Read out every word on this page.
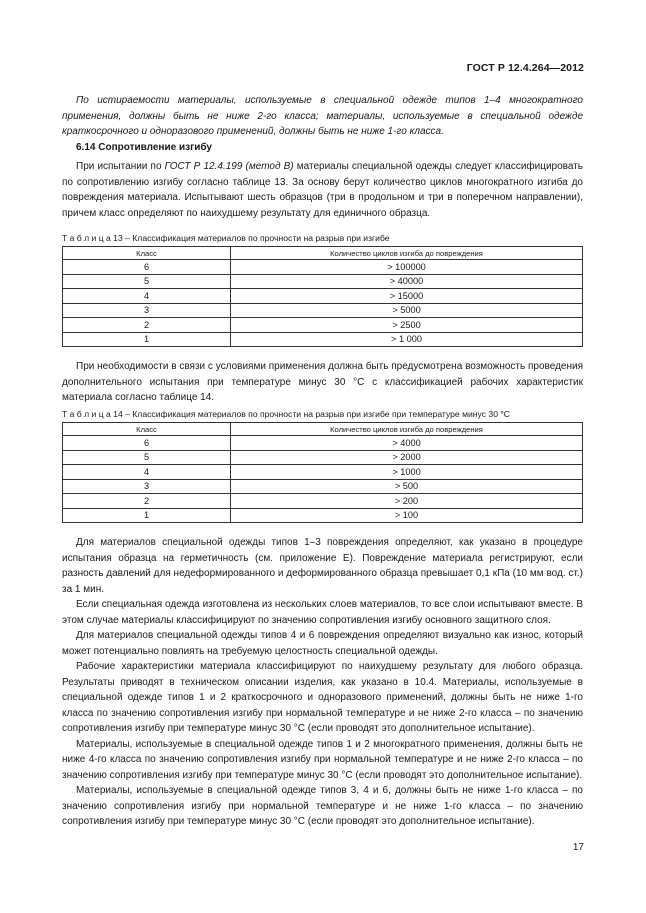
ГОСТ Р 12.4.264—2012

По истираемости материалы, используемые в специальной одежде типов 1–4 многократного применения, должны быть не ниже 2-го класса; материалы, используемые в специальной одежде краткосрочного и одноразового применений, должны быть не ниже 1-го класса.

6.14 Сопротивление изгибу

При испытании по ГОСТ Р 12.4.199 (метод В) материалы специальной одежды следует классифицировать по сопротивлению изгибу согласно таблице 13. За основу берут количество циклов многократного изгиба до повреждения материала. Испытывают шесть образцов (три в продольном и три в поперечном направлении), причем класс определяют по наихудшему результату для единичного образца.

Т а б л и ц а 13 – Классификация материалов по прочности на разрыв при изгибе
Класс	Количество циклов изгиба до повреждения
6	> 100000
5	> 40000
4	> 15000
3	> 5000
2	> 2500
1	> 1 000

При необходимости в связи с условиями применения должна быть предусмотрена возможность проведения дополнительного испытания при температуре минус 30 °С с классификацией рабочих характеристик материала согласно таблице 14.

Т а б л и ц а 14 – Классификация материалов по прочности на разрыв при изгибе при температуре минус 30 °С
Класс	Количество циклов изгиба до повреждения
6	> 4000
5	> 2000
4	> 1000
3	> 500
2	> 200
1	> 100

Для материалов специальной одежды типов 1–3 повреждения определяют, как указано в процедуре испытания образца на герметичность (см. приложение Е). Повреждение материала регистрируют, если разность давлений для недеформированного и деформированного образца превышает 0,1 кПа (10 мм вод. ст.) за 1 мин.

Если специальная одежда изготовлена из нескольких слоев материалов, то все слои испытывают вместе. В этом случае материалы классифицируют по значению сопротивления изгибу основного защитного слоя.

Для материалов специальной одежды типов 4 и 6 повреждения определяют визуально как износ, который может потенциально повлиять на требуемую целостность специальной одежды.

Рабочие характеристики материала классифицируют по наихудшему результату для любого образца. Результаты приводят в техническом описании изделия, как указано в 10.4. Материалы, используемые в специальной одежде типов 1 и 2 краткосрочного и одноразового применений, должны быть не ниже 1-го класса по значению сопротивления изгибу при нормальной температуре и не ниже 2-го класса – по значению сопротивления изгибу при температуре минус 30 °С (если проводят это дополнительное испытание).

Материалы, используемые в специальной одежде типов 1 и 2 многократного применения, должны быть не ниже 4-го класса по значению сопротивления изгибу при нормальной температуре и не ниже 2-го класса – по значению сопротивления изгибу при температуре минус 30 °С (если проводят это дополнительное испытание).

Материалы, используемые в специальной одежде типов 3, 4 и 6, должны быть не ниже 1-го класса – по значению сопротивления изгибу при нормальной температуре и не ниже 1-го класса – по значению сопротивления изгибу при температуре минус 30 °С (если проводят это дополнительное испытание).

17
